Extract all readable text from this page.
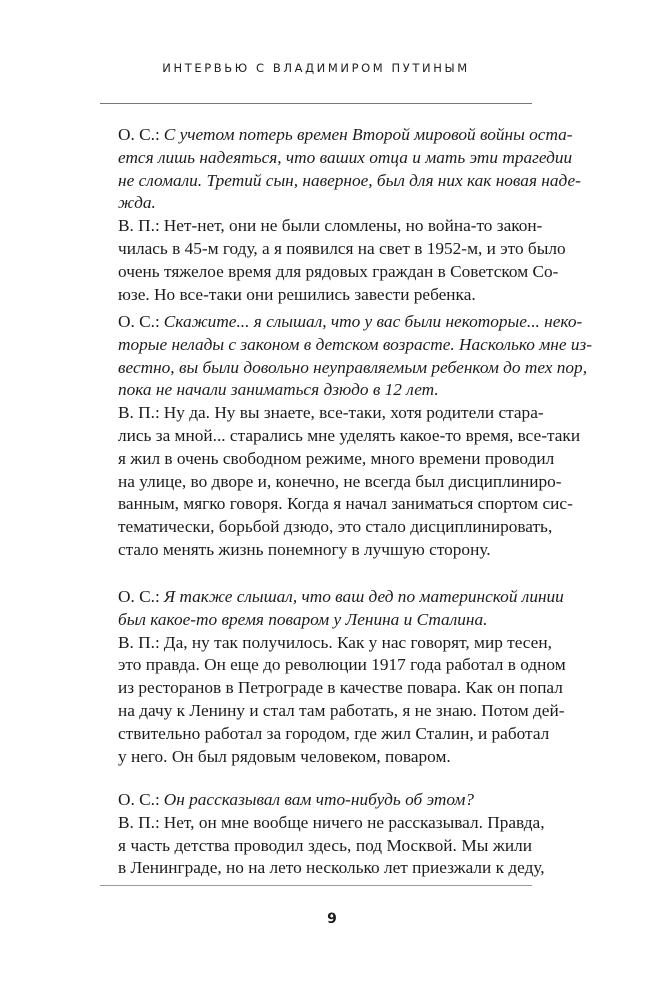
ИНТЕРВЬЮ С ВЛАДИМИРОМ ПУТИНЫМ
О. С.: С учетом потерь времен Второй мировой войны оста-
ется лишь надеяться, что ваших отца и мать эти трагедии
не сломали. Третий сын, наверное, был для них как новая наде-
жда.
В. П.: Нет-нет, они не были сломлены, но война-то закон-
чилась в 45-м году, а я появился на свет в 1952-м, и это было
очень тяжелое время для рядовых граждан в Советском Со-
юзе. Но все-таки они решились завести ребенка.
О. С.: Скажите... я слышал, что у вас были некоторые... неко-
торые нелады с законом в детском возрасте. Насколько мне из-
вестно, вы были довольно неуправляемым ребенком до тех пор,
пока не начали заниматься дзюдо в 12 лет.
В. П.: Ну да. Ну вы знаете, все-таки, хотя родители стара-
лись за мной... старались мне уделять какое-то время, все-таки
я жил в очень свободном режиме, много времени проводил
на улице, во дворе и, конечно, не всегда был дисциплиниро-
ванным, мягко говоря. Когда я начал заниматься спортом сис-
тематически, борьбой дзюдо, это стало дисциплинировать,
стало менять жизнь понемногу в лучшую сторону.
О. С.: Я также слышал, что ваш дед по материнской линии
был какое-то время поваром у Ленина и Сталина.
В. П.: Да, ну так получилось. Как у нас говорят, мир тесен,
это правда. Он еще до революции 1917 года работал в одном
из ресторанов в Петрограде в качестве повара. Как он попал
на дачу к Ленину и стал там работать, я не знаю. Потом дей-
ствительно работал за городом, где жил Сталин, и работал
у него. Он был рядовым человеком, поваром.
О. С.: Он рассказывал вам что-нибудь об этом?
В. П.: Нет, он мне вообще ничего не рассказывал. Правда,
я часть детства проводил здесь, под Москвой. Мы жили
в Ленинграде, но на лето несколько лет приезжали к деду,
9
